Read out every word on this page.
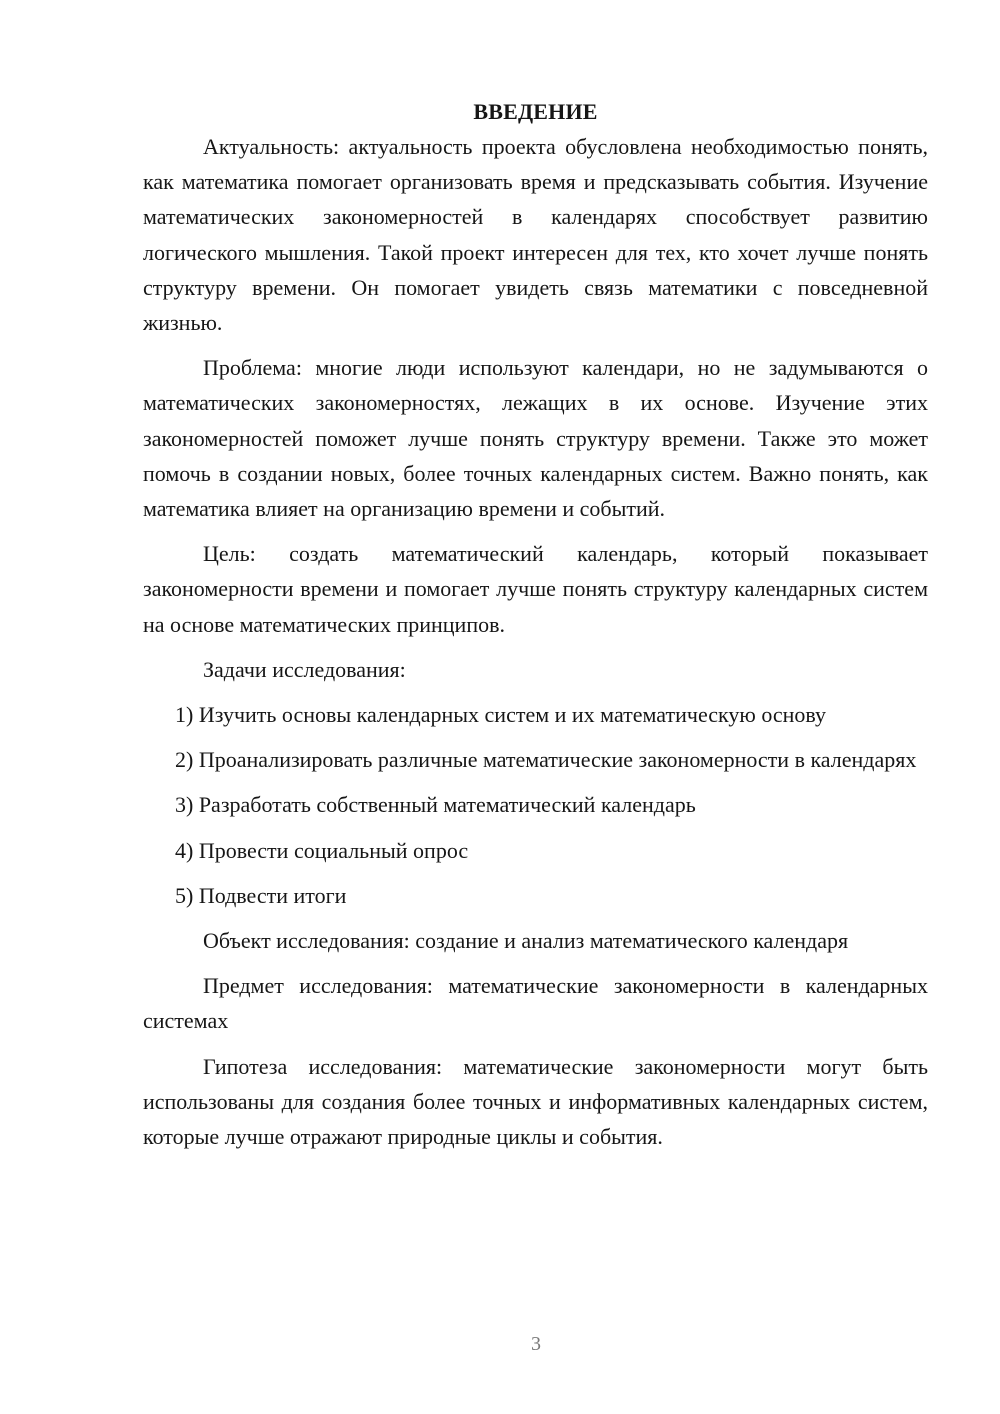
ВВЕДЕНИЕ

Актуальность: актуальность проекта обусловлена необходимостью понять, как математика помогает организовать время и предсказывать события. Изучение математических закономерностей в календарях способствует развитию логического мышления. Такой проект интересен для тех, кто хочет лучше понять структуру времени. Он помогает увидеть связь математики с повседневной жизнью.

Проблема: многие люди используют календари, но не задумываются о математических закономерностях, лежащих в их основе. Изучение этих закономерностей поможет лучше понять структуру времени. Также это может помочь в создании новых, более точных календарных систем. Важно понять, как математика влияет на организацию времени и событий.

Цель: создать математический календарь, который показывает закономерности времени и помогает лучше понять структуру календарных систем на основе математических принципов.

Задачи исследования:

1) Изучить основы календарных систем и их математическую основу

2) Проанализировать различные математические закономерности в календарях

3) Разработать собственный математический календарь

4) Провести социальный опрос

5) Подвести итоги

Объект исследования: создание и анализ математического календаря

Предмет исследования: математические закономерности в календарных системах

Гипотеза исследования: математические закономерности могут быть использованы для создания более точных и информативных календарных систем, которые лучше отражают природные циклы и события.

3
